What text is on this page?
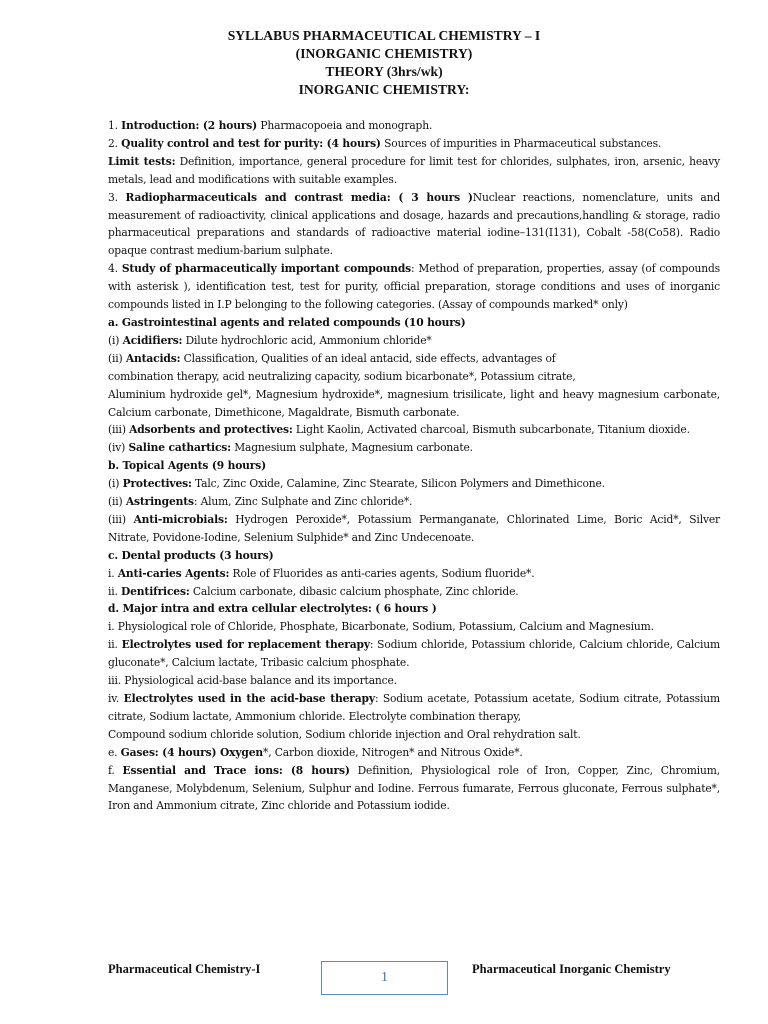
SYLLABUS PHARMACEUTICAL CHEMISTRY – I
(INORGANIC CHEMISTRY)
THEORY (3hrs/wk)
INORGANIC CHEMISTRY:

1. Introduction: (2 hours) Pharmacopoeia and monograph.

2. Quality control and test for purity: (4 hours) Sources of impurities in Pharmaceutical substances.

Limit tests: Definition, importance, general procedure for limit test for chlorides, sulphates, iron, arsenic, heavy metals, lead and modifications with suitable examples.

3. Radiopharmaceuticals and contrast media: ( 3 hours )Nuclear reactions, nomenclature, units and measurement of radioactivity, clinical applications and dosage, hazards and precautions,handling & storage, radio pharmaceutical preparations and standards of radioactive material iodine–131(I131), Cobalt -58(Co58). Radio opaque contrast medium-barium sulphate.

4. Study of pharmaceutically important compounds: Method of preparation, properties, assay (of compounds with asterisk ), identification test, test for purity, official preparation, storage conditions and uses of inorganic compounds listed in I.P belonging to the following categories. (Assay of compounds marked* only)

a. Gastrointestinal agents and related compounds (10 hours)

(i) Acidifiers: Dilute hydrochloric acid, Ammonium chloride*

(ii) Antacids: Classification, Qualities of an ideal antacid, side effects, advantages of

combination therapy, acid neutralizing capacity, sodium bicarbonate*, Potassium citrate,

Aluminium hydroxide gel*, Magnesium hydroxide*, magnesium trisilicate, light and heavy magnesium carbonate, Calcium carbonate, Dimethicone, Magaldrate, Bismuth carbonate.

(iii) Adsorbents and protectives: Light Kaolin, Activated charcoal, Bismuth subcarbonate, Titanium dioxide.

(iv) Saline cathartics: Magnesium sulphate, Magnesium carbonate.

b. Topical Agents (9 hours)

(i) Protectives: Talc, Zinc Oxide, Calamine, Zinc Stearate, Silicon Polymers and Dimethicone.

(ii) Astringents: Alum, Zinc Sulphate and Zinc chloride*.

(iii) Anti-microbials: Hydrogen Peroxide*, Potassium Permanganate, Chlorinated Lime, Boric Acid*, Silver Nitrate, Povidone-Iodine, Selenium Sulphide* and Zinc Undecenoate.

c. Dental products (3 hours)

i. Anti-caries Agents: Role of Fluorides as anti-caries agents, Sodium fluoride*.

ii. Dentifrices: Calcium carbonate, dibasic calcium phosphate, Zinc chloride.

d. Major intra and extra cellular electrolytes: ( 6 hours )

i. Physiological role of Chloride, Phosphate, Bicarbonate, Sodium, Potassium, Calcium and Magnesium.

ii. Electrolytes used for replacement therapy: Sodium chloride, Potassium chloride, Calcium chloride, Calcium gluconate*, Calcium lactate, Tribasic calcium phosphate.

iii. Physiological acid-base balance and its importance.

iv. Electrolytes used in the acid-base therapy: Sodium acetate, Potassium acetate, Sodium citrate, Potassium citrate, Sodium lactate, Ammonium chloride. Electrolyte combination therapy,

Compound sodium chloride solution, Sodium chloride injection and Oral rehydration salt.

e. Gases: (4 hours) Oxygen*, Carbon dioxide, Nitrogen* and Nitrous Oxide*.

f. Essential and Trace ions: (8 hours) Definition, Physiological role of Iron, Copper, Zinc, Chromium, Manganese, Molybdenum, Selenium, Sulphur and Iodine. Ferrous fumarate, Ferrous gluconate, Ferrous sulphate*, Iron and Ammonium citrate, Zinc chloride and Potassium iodide.

Pharmaceutical Chemistry-I
1
Pharmaceutical Inorganic Chemistry
